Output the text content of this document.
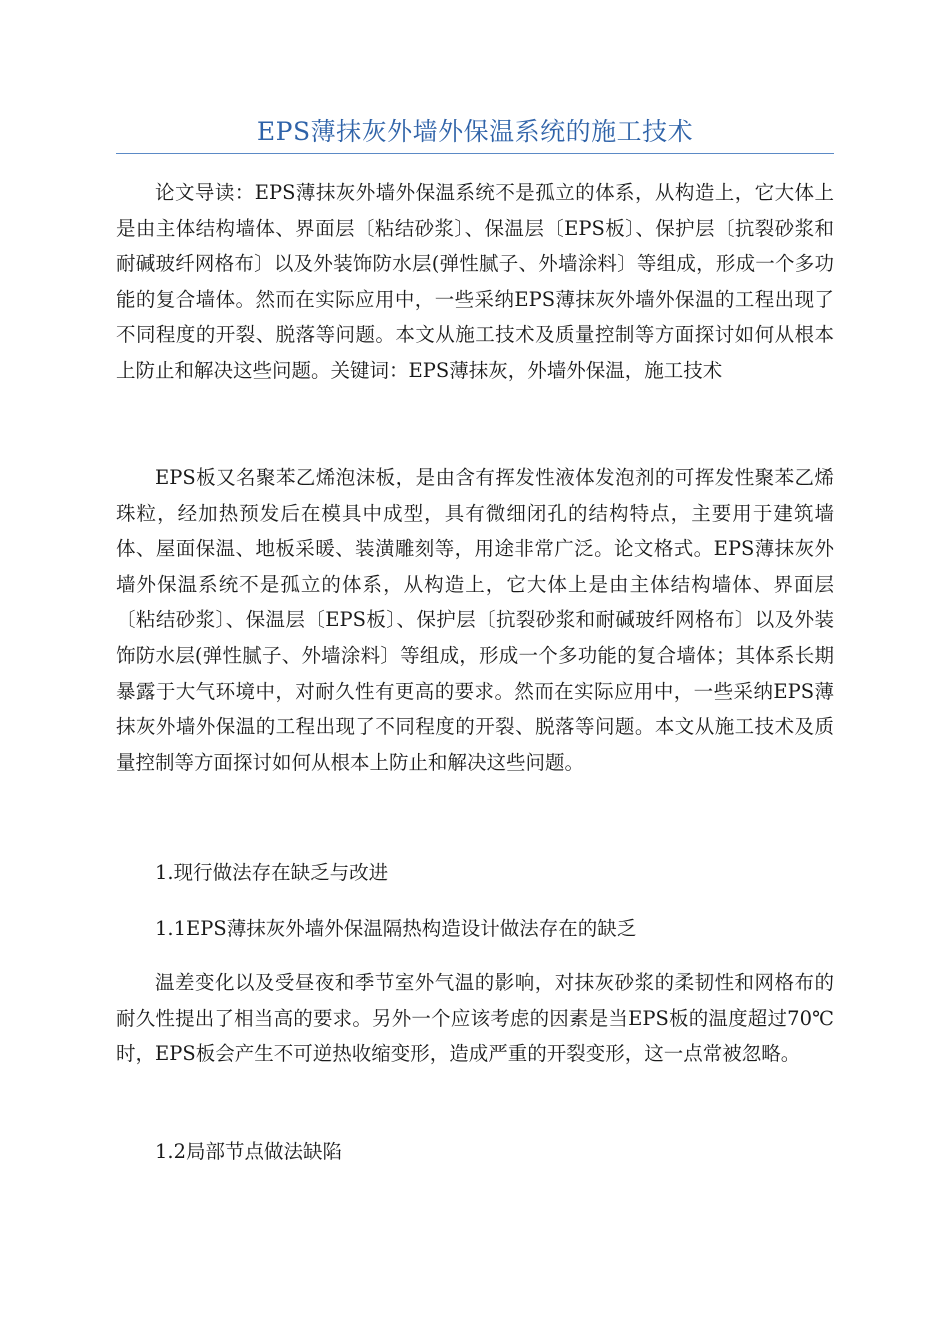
EPS薄抹灰外墙外保温系统的施工技术

论文导读：EPS薄抹灰外墙外保温系统不是孤立的体系，从构造上，它大体上是由主体结构墙体、界面层〔粘结砂浆〕、保温层〔EPS板〕、保护层〔抗裂砂浆和耐碱玻纤网格布〕以及外装饰防水层(弹性腻子、外墙涂料〕等组成，形成一个多功能的复合墙体。然而在实际应用中，一些采纳EPS薄抹灰外墙外保温的工程出现了不同程度的开裂、脱落等问题。本文从施工技术及质量控制等方面探讨如何从根本上防止和解决这些问题。关键词：EPS薄抹灰，外墙外保温，施工技术

EPS板又名聚苯乙烯泡沫板，是由含有挥发性液体发泡剂的可挥发性聚苯乙烯珠粒，经加热预发后在模具中成型，具有微细闭孔的结构特点，主要用于建筑墙体、屋面保温、地板采暖、装潢雕刻等，用途非常广泛。论文格式。EPS薄抹灰外墙外保温系统不是孤立的体系，从构造上，它大体上是由主体结构墙体、界面层〔粘结砂浆〕、保温层〔EPS板〕、保护层〔抗裂砂浆和耐碱玻纤网格布〕以及外装饰防水层(弹性腻子、外墙涂料〕等组成，形成一个多功能的复合墙体；其体系长期暴露于大气环境中，对耐久性有更高的要求。然而在实际应用中，一些采纳EPS薄抹灰外墙外保温的工程出现了不同程度的开裂、脱落等问题。本文从施工技术及质量控制等方面探讨如何从根本上防止和解决这些问题。

1.现行做法存在缺乏与改进

1.1EPS薄抹灰外墙外保温隔热构造设计做法存在的缺乏

温差变化以及受昼夜和季节室外气温的影响，对抹灰砂浆的柔韧性和网格布的耐久性提出了相当高的要求。另外一个应该考虑的因素是当EPS板的温度超过70℃时，EPS板会产生不可逆热收缩变形，造成严重的开裂变形，这一点常被忽略。

1.2局部节点做法缺陷
